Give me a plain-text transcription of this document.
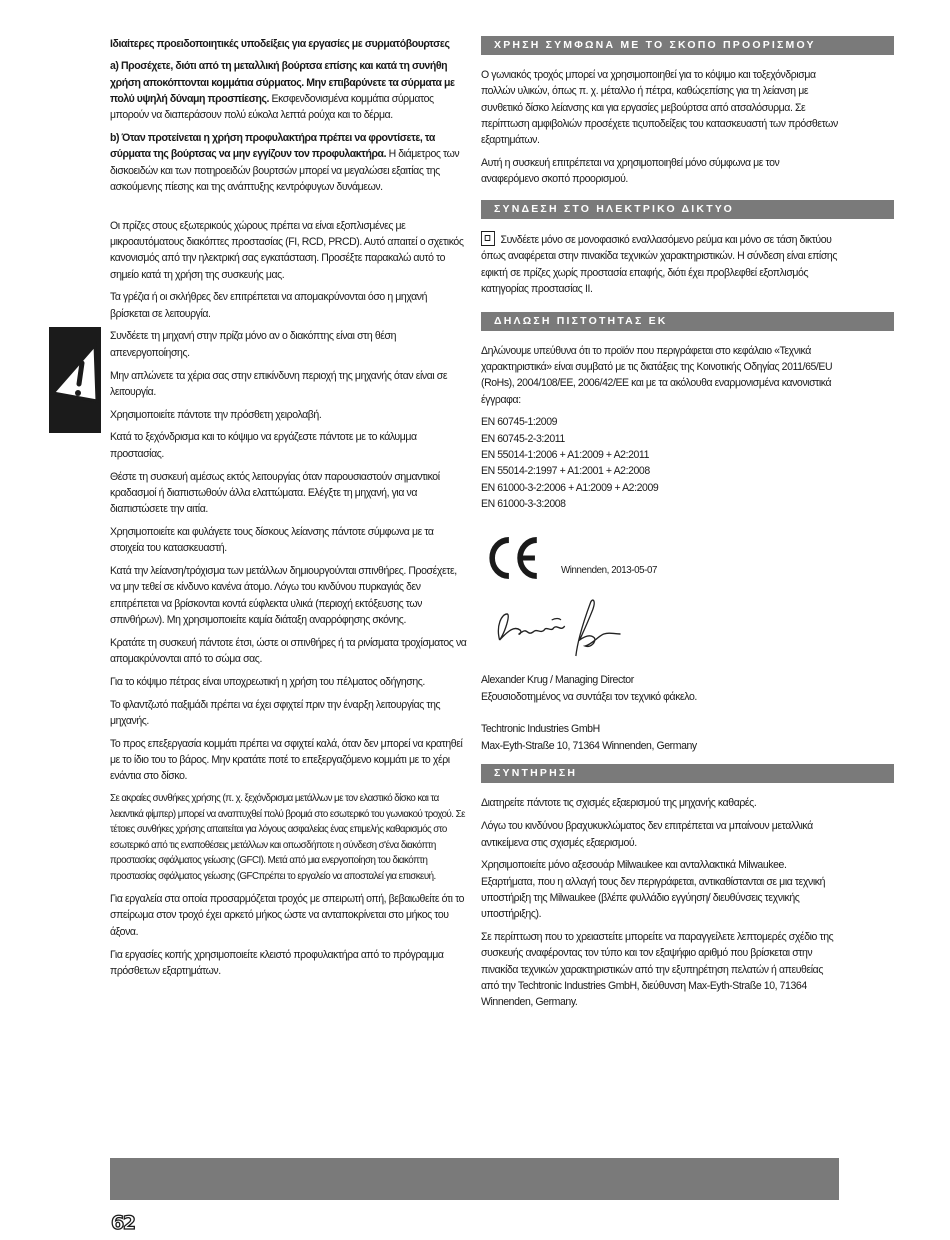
Ιδιαίτερες προειδοποιητικές υποδείξεις για εργασίες με συρματόβουρτσες

a) Προσέχετε, διότι από τη μεταλλική βούρτσα επίσης και κατά τη συνήθη χρήση αποκόπτονται κομμάτια σύρματος. Μην επιβαρύνετε τα σύρματα με πολύ υψηλή δύναμη προσπίεσης. Εκσφενδονισμένα κομμάτια σύρματος μπορούν να διαπεράσουν πολύ εύκολα λεπτά ρούχα και το δέρμα.

b) Όταν προτείνεται η χρήση προφυλακτήρα πρέπει να φροντίσετε, τα σύρματα της βούρτσας να μην εγγίζουν τον προφυλακτήρα. Η διάμετρος των δισκοειδών και των ποτηροειδών βουρτσών μπορεί να μεγαλώσει εξαιτίας της ασκούμενης πίεσης και της ανάπτυξης κεντρόφυγων δυνάμεων.

Οι πρίζες στους εξωτερικούς χώρους πρέπει να είναι εξοπλισμένες με μικροαυτόματους διακόπτες προστασίας (FI, RCD, PRCD). Αυτό απαιτεί ο σχετικός κανονισμός από την ηλεκτρική σας εγκατάσταση. Προσέξτε παρακαλώ αυτό το σημείο κατά τη χρήση της συσκευής μας.

Τα γρέζια ή οι σκλήθρες δεν επιτρέπεται να απομακρύνονται όσο η μηχανή βρίσκεται σε λειτουργία.

Συνδέετε τη μηχανή στην πρίζα μόνο αν ο διακόπτης είναι στη θέση απενεργοποίησης.

Μην απλώνετε τα χέρια σας στην επικίνδυνη περιοχή της μηχανής όταν είναι σε λειτουργία.

Χρησιμοποιείτε πάντοτε την πρόσθετη χειρολαβή.

Κατά το ξεχόνδρισμα και το κόψιμο να εργάζεστε πάντοτε με το κάλυμμα προστασίας.

Θέστε τη συσκευή αμέσως εκτός λειτουργίας όταν παρουσιαστούν σημαντικοί κραδασμοί ή διαπιστωθούν άλλα ελαττώματα. Ελέγξτε τη μηχανή, για να διαπιστώσετε την αιτία.

Χρησιμοποιείτε και φυλάγετε τους δίσκους λείανσης πάντοτε σύμφωνα με τα στοιχεία του κατασκευαστή.

Κατά την λείανση/τρόχισμα των μετάλλων δημιουργούνται σπινθήρες. Προσέχετε, να μην τεθεί σε κίνδυνο κανένα άτομο. Λόγω του κινδύνου πυρκαγιάς δεν επιτρέπεται να βρίσκονται κοντά εύφλεκτα υλικά (περιοχή εκτόξευσης των σπινθήρων). Μη χρησιμοποιείτε καμία διάταξη αναρρόφησης σκόνης.

Κρατάτε τη συσκευή πάντοτε έτσι, ώστε οι σπινθήρες ή τα ρινίσματα τροχίσματος να απομακρύνονται από το σώμα σας.

Για το κόψιμο πέτρας είναι υποχρεωτική η χρήση του πέλματος οδήγησης.

Το φλαντζωτό παξιμάδι πρέπει να έχει σφιχτεί πριν την έναρξη λειτουργίας της μηχανής.

Το προς επεξεργασία κομμάτι πρέπει να σφιχτεί καλά, όταν δεν μπορεί να κρατηθεί με το ίδιο του το βάρος. Μην κρατάτε ποτέ το επεξεργαζόμενο κομμάτι με το χέρι ενάντια στο δίσκο.

Σε ακραίες συνθήκες χρήσης (π. χ. ξεχόνδρισμα μετάλλων με τον ελαστικό δίσκο και τα λειαντικά φίμπερ) μπορεί να αναπτυχθεί πολύ βρομιά στο εσωτερικό του γωνιακού τροχού. Σε τέτοιες συνθήκες χρήσης απαιτείται για λόγους ασφαλείας ένας επιμελής καθαρισμός στο εσωτερικό από τις εναποθέσεις μετάλλων και οπωσδήποτε η σύνδεση σ'ένα διακόπτη προστασίας σφάλματος γείωσης (GFCI). Μετά από μια ενεργοποίηση του διακόπτη προστασίας σφάλματος γείωσης (GFCπρέπει το εργαλείο να αποσταλεί για επισκευή.

Για εργαλεία στα οποία προσαρμόζεται τροχός με σπειρωτή οπή, βεβαιωθείτε ότι το σπείρωμα στον τροχό έχει αρκετό μήκος ώστε να ανταποκρίνεται στο μήκος του άξονα.

Για εργασίες κοπής χρησιμοποιείτε κλειστό προφυλακτήρα από το πρόγραμμα πρόσθετων εξαρτημάτων.

ΧΡΗΣΗ ΣΥΜΦΩΝΑ ΜΕ ΤΟ ΣΚΟΠΟ ΠΡΟΟΡΙΣΜΟΥ

Ο γωνιακός τροχός μπορεί να χρησιμοποιηθεί για το κόψιμο και τοξεχόνδρισμα πολλών υλικών, όπως π. χ. μέταλλο ή πέτρα, καθώςεπίσης για τη λείανση με συνθετικό δίσκο λείανσης και για εργασίες μεβούρτσα από ατσαλόσυρμα. Σε περίπτωση αμφιβολιών προσέχετε τιςυποδείξεις του κατασκευαστή των πρόσθετων εξαρτημάτων.

Αυτή η συσκευή επιτρέπεται να χρησιμοποιηθεί μόνο σύμφωνα με τον αναφερόμενο σκοπό προορισμού.

ΣΥΝΔΕΣΗ ΣΤΟ ΗΛΕΚΤΡΙΚΟ ΔΙΚΤΥΟ

Συνδέετε μόνο σε μονοφασικό εναλλασόμενο ρεύμα και μόνο σε τάση δικτύου όπως αναφέρεται στην πινακίδα τεχνικών χαρακτηριστικών. Η σύνδεση είναι επίσης εφικτή σε πρίζες χωρίς προστασία επαφής, διότι έχει προβλεφθεί εξοπλισμός κατηγορίας προστασίας II.

ΔΗΛΩΣΗ ΠΙΣΤΟΤΗΤΑΣ ΕΚ

Δηλώνουμε υπεύθυνα ότι το προϊόν που περιγράφεται στο κεφάλαιο «Τεχνικά χαρακτηριστικά» είναι συμβατό με τις διατάξεις της Κοινοτικής Οδηγίας 2011/65/EU (RoHs), 2004/108/EE, 2006/42/EE και με τα ακόλουθα εναρμονισμένα κανονιστικά έγγραφα:

EN 60745-1:2009

EN 60745-2-3:2011

EN 55014-1:2006 + A1:2009 + A2:2011

EN 55014-2:1997 + A1:2001 + A2:2008

EN 61000-3-2:2006 + A1:2009 + A2:2009

EN 61000-3-3:2008

Winnenden, 2013-05-07

Alexander Krug / Managing Director

Εξουσιοδοτημένος να συντάξει τον τεχνικό φάκελο.

Techtronic Industries GmbH

Max-Eyth-Straße 10, 71364 Winnenden, Germany

ΣΥΝΤΗΡΗΣΗ

Διατηρείτε πάντοτε τις σχισμές εξαερισμού της μηχανής καθαρές.

Λόγω του κινδύνου βραχυκυκλώματος δεν επιτρέπεται να μπαίνουν μεταλλικά αντικείμενα στις σχισμές εξαερισμού.

Χρησιμοποιείτε μόνο αξεσουάρ Milwaukee και ανταλλακτικά Milwaukee. Εξαρτήματα, που η αλλαγή τους δεν περιγράφεται, αντικαθίστανται σε μια τεχνική υποστήριξη της Milwaukee (βλέπε φυλλάδιο εγγύηση/ διευθύνσεις τεχνικής υποστήριξης).

Σε περίπτωση που το χρειαστείτε μπορείτε να παραγγείλετε λεπτομερές σχέδιο της συσκευής αναφέροντας τον τύπο και τον εξαψήφιο αριθμό που βρίσκεται στην πινακίδα τεχνικών χαρακτηριστικών από την εξυπηρέτηση πελατών ή απευθείας από την Techtronic Industries GmbH, διεύθυνση Max-Eyth-Straße 10, 71364 Winnenden, Germany.

62
